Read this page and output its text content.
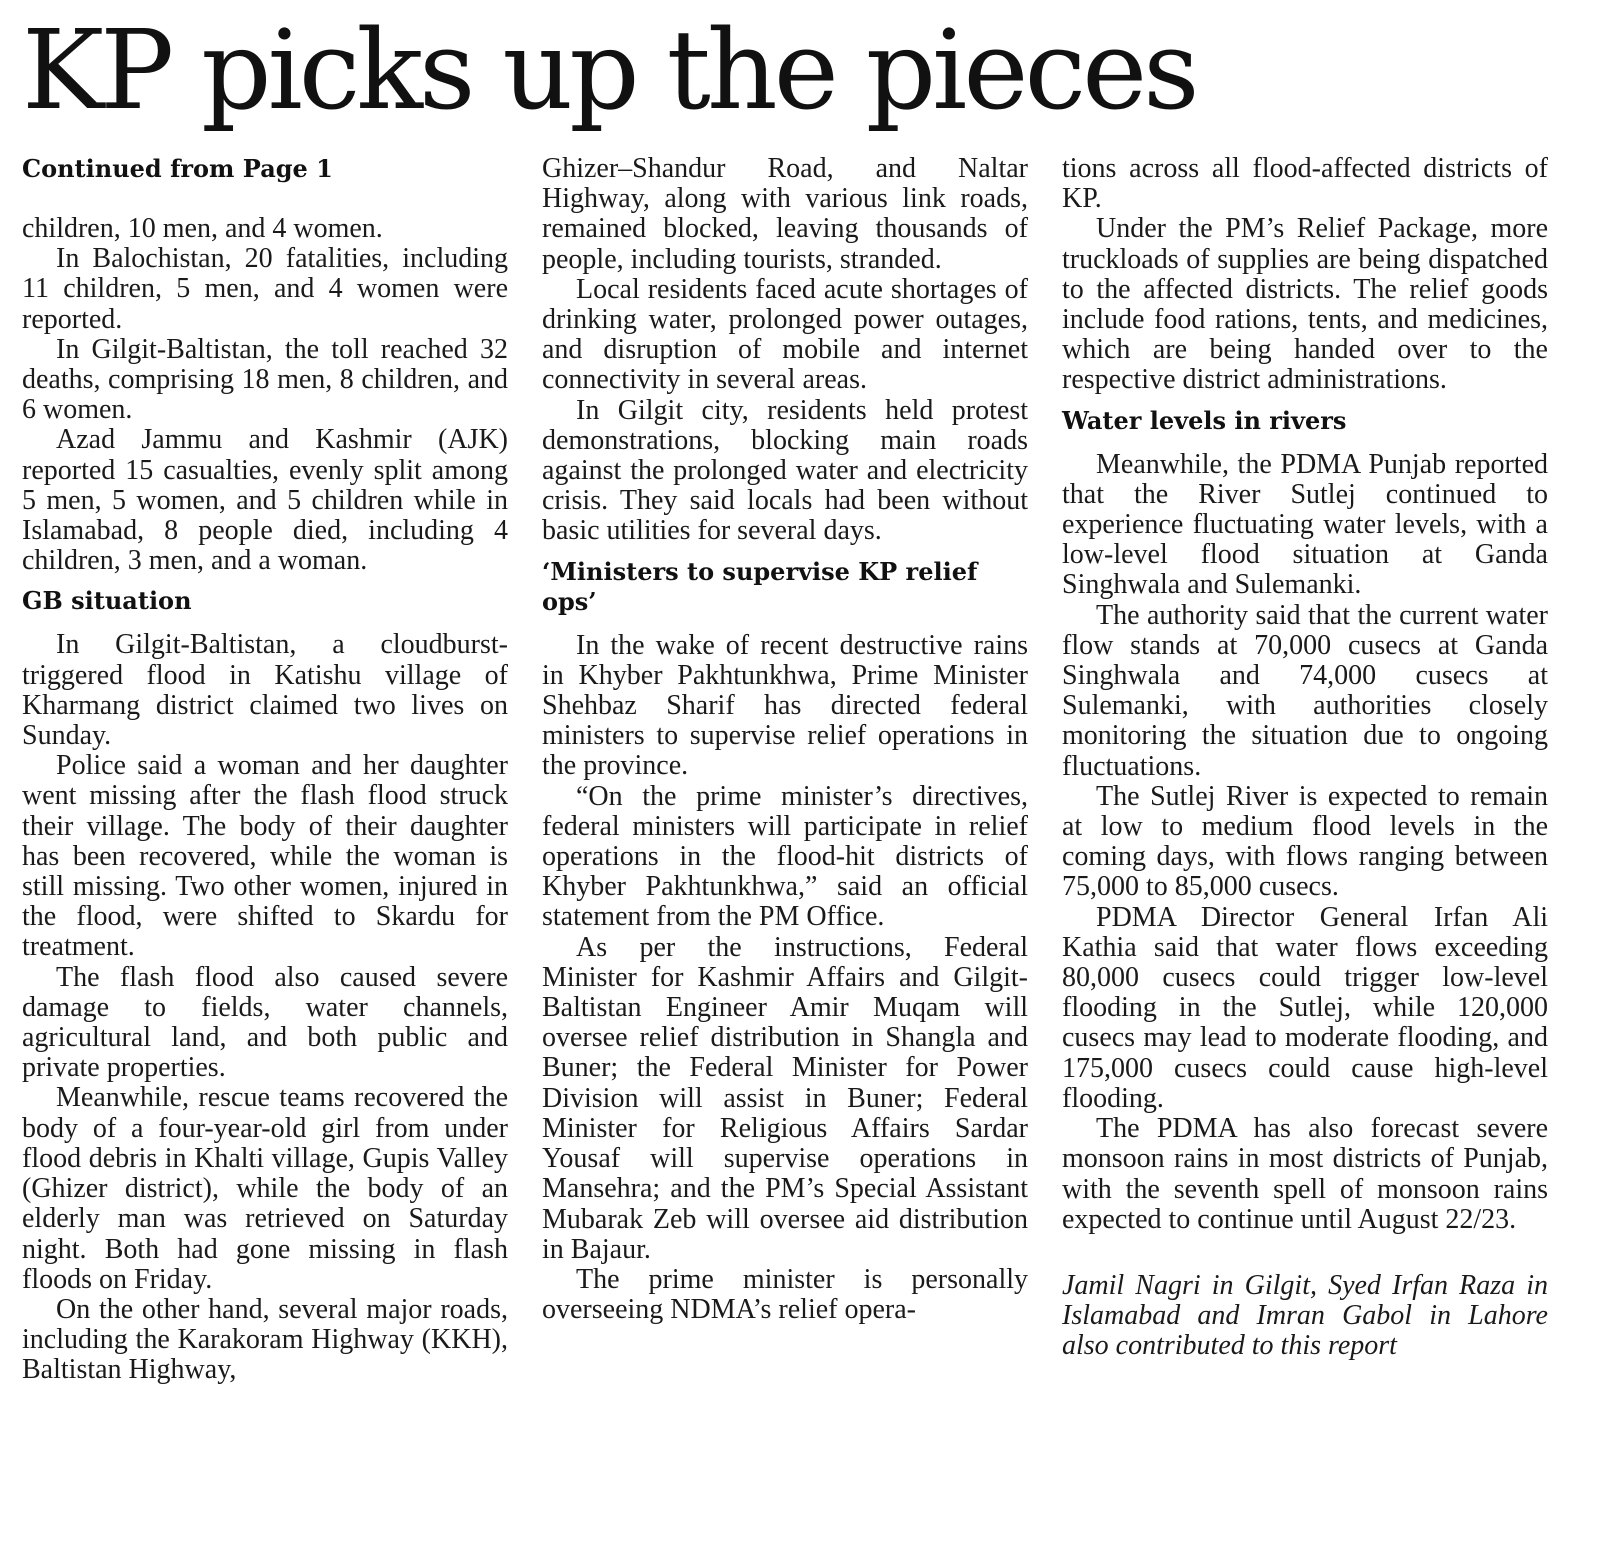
KP picks up the pieces
Continued from Page 1

children, 10 men, and 4 women.

In Balochistan, 20 fatalities, including 11 children, 5 men, and 4 women were reported.

In Gilgit-Baltistan, the toll reached 32 deaths, comprising 18 men, 8 children, and 6 women.

Azad Jammu and Kashmir (AJK) reported 15 casualties, evenly split among 5 men, 5 women, and 5 children while in Islamabad, 8 people died, including 4 children, 3 men, and a woman.

GB situation

In Gilgit-Baltistan, a cloudburst-triggered flood in Katishu village of Kharmang district claimed two lives on Sunday.

Police said a woman and her daughter went missing after the flash flood struck their village. The body of their daughter has been recovered, while the woman is still missing. Two other women, injured in the flood, were shifted to Skardu for treatment.

The flash flood also caused severe damage to fields, water channels, agricultural land, and both public and private properties.

Meanwhile, rescue teams recovered the body of a four-year-old girl from under flood debris in Khalti village, Gupis Valley (Ghizer district), while the body of an elderly man was retrieved on Saturday night. Both had gone missing in flash floods on Friday.

On the other hand, several major roads, including the Karakoram Highway (KKH), Baltistan Highway,

Ghizer–Shandur Road, and Naltar Highway, along with various link roads, remained blocked, leaving thousands of people, including tourists, stranded.

Local residents faced acute shortages of drinking water, prolonged power outages, and disruption of mobile and internet connectivity in several areas.

In Gilgit city, residents held protest demonstrations, blocking main roads against the prolonged water and electricity crisis. They said locals had been without basic utilities for several days.

‘Ministers to supervise KP relief ops’

In the wake of recent destructive rains in Khyber Pakhtunkhwa, Prime Minister Shehbaz Sharif has directed federal ministers to supervise relief operations in the province.

“On the prime minister’s directives, federal ministers will participate in relief operations in the flood-hit districts of Khyber Pakhtunkhwa,” said an official statement from the PM Office.

As per the instructions, Federal Minister for Kashmir Affairs and Gilgit-Baltistan Engineer Amir Muqam will oversee relief distribution in Shangla and Buner; the Federal Minister for Power Division will assist in Buner; Federal Minister for Religious Affairs Sardar Yousaf will supervise operations in Mansehra; and the PM’s Special Assistant Mubarak Zeb will oversee aid distribution in Bajaur.

The prime minister is personally overseeing NDMA’s relief opera-

tions across all flood-affected districts of KP.

Under the PM’s Relief Package, more truckloads of supplies are being dispatched to the affected districts. The relief goods include food rations, tents, and medicines, which are being handed over to the respective district administrations.

Water levels in rivers

Meanwhile, the PDMA Punjab reported that the River Sutlej continued to experience fluctuating water levels, with a low-level flood situation at Ganda Singhwala and Sulemanki.

The authority said that the current water flow stands at 70,000 cusecs at Ganda Singhwala and 74,000 cusecs at Sulemanki, with authorities closely monitoring the situation due to ongoing fluctuations.

The Sutlej River is expected to remain at low to medium flood levels in the coming days, with flows ranging between 75,000 to 85,000 cusecs.

PDMA Director General Irfan Ali Kathia said that water flows exceeding 80,000 cusecs could trigger low-level flooding in the Sutlej, while 120,000 cusecs may lead to moderate flooding, and 175,000 cusecs could cause high-level flooding.

The PDMA has also forecast severe monsoon rains in most districts of Punjab, with the seventh spell of monsoon rains expected to continue until August 22/23.

Jamil Nagri in Gilgit, Syed Irfan Raza in Islamabad and Imran Gabol in Lahore also contributed to this report
